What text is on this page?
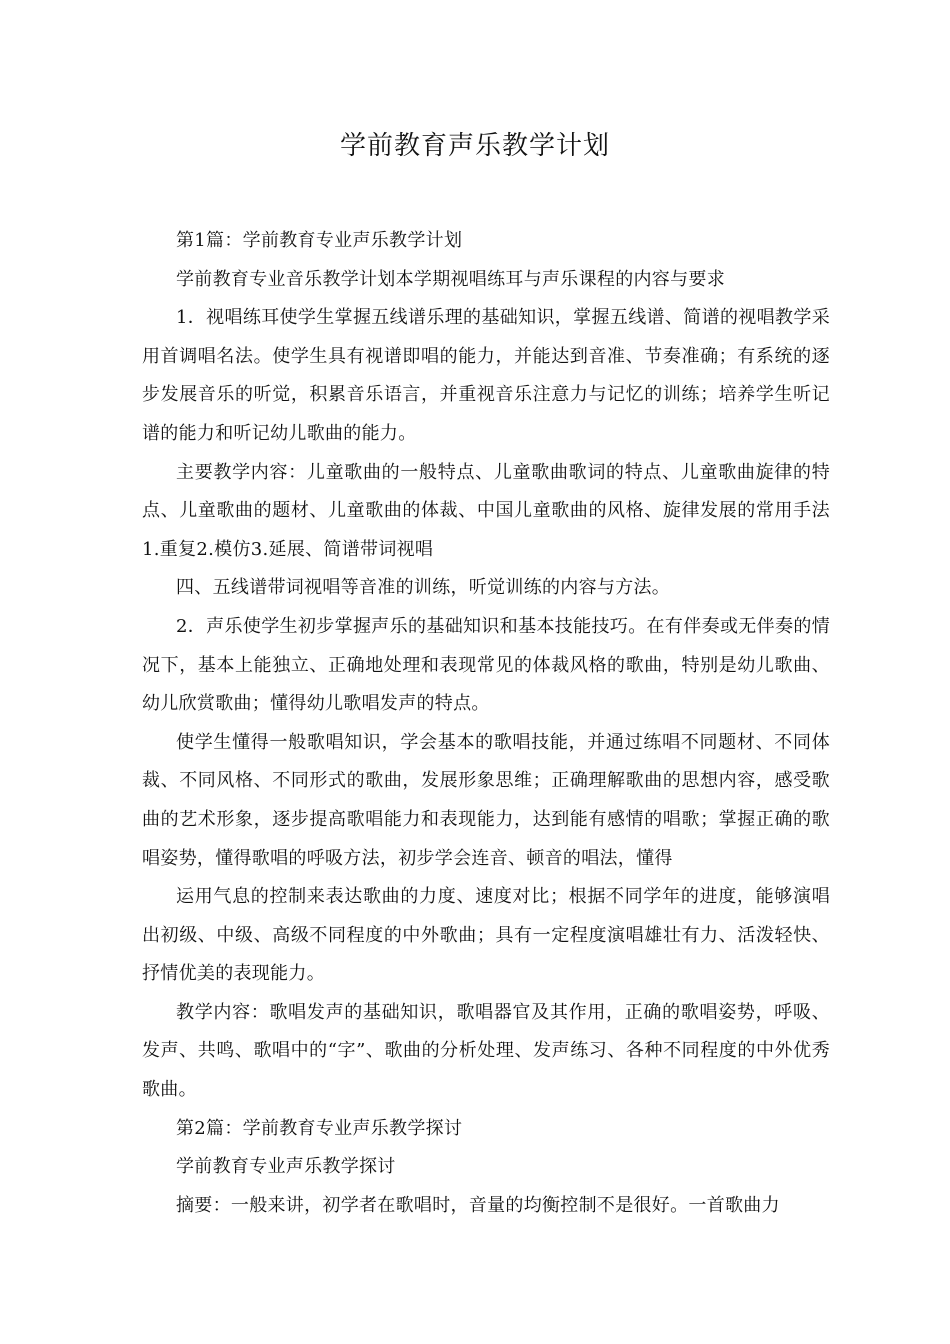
学前教育声乐教学计划

第1篇：学前教育专业声乐教学计划

学前教育专业音乐教学计划本学期视唱练耳与声乐课程的内容与要求

1．视唱练耳使学生掌握五线谱乐理的基础知识，掌握五线谱、简谱的视唱教学采用首调唱名法。使学生具有视谱即唱的能力，并能达到音准、节奏准确；有系统的逐步发展音乐的听觉，积累音乐语言，并重视音乐注意力与记忆的训练；培养学生听记谱的能力和听记幼儿歌曲的能力。

主要教学内容：儿童歌曲的一般特点、儿童歌曲歌词的特点、儿童歌曲旋律的特点、儿童歌曲的题材、儿童歌曲的体裁、中国儿童歌曲的风格、旋律发展的常用手法1.重复2.模仿3.延展、简谱带词视唱

四、五线谱带词视唱等音准的训练，听觉训练的内容与方法。

2．声乐使学生初步掌握声乐的基础知识和基本技能技巧。在有伴奏或无伴奏的情况下，基本上能独立、正确地处理和表现常见的体裁风格的歌曲，特别是幼儿歌曲、幼儿欣赏歌曲；懂得幼儿歌唱发声的特点。

使学生懂得一般歌唱知识，学会基本的歌唱技能，并通过练唱不同题材、不同体裁、不同风格、不同形式的歌曲，发展形象思维；正确理解歌曲的思想内容，感受歌曲的艺术形象，逐步提高歌唱能力和表现能力，达到能有感情的唱歌；掌握正确的歌唱姿势，懂得歌唱的呼吸方法，初步学会连音、顿音的唱法，懂得

运用气息的控制来表达歌曲的力度、速度对比；根据不同学年的进度，能够演唱出初级、中级、高级不同程度的中外歌曲；具有一定程度演唱雄壮有力、活泼轻快、抒情优美的表现能力。

教学内容：歌唱发声的基础知识，歌唱器官及其作用，正确的歌唱姿势，呼吸、发声、共鸣、歌唱中的“字”、歌曲的分析处理、发声练习、各种不同程度的中外优秀歌曲。

第2篇：学前教育专业声乐教学探讨

学前教育专业声乐教学探讨

摘要：一般来讲，初学者在歌唱时，音量的均衡控制不是很好。一首歌曲力
